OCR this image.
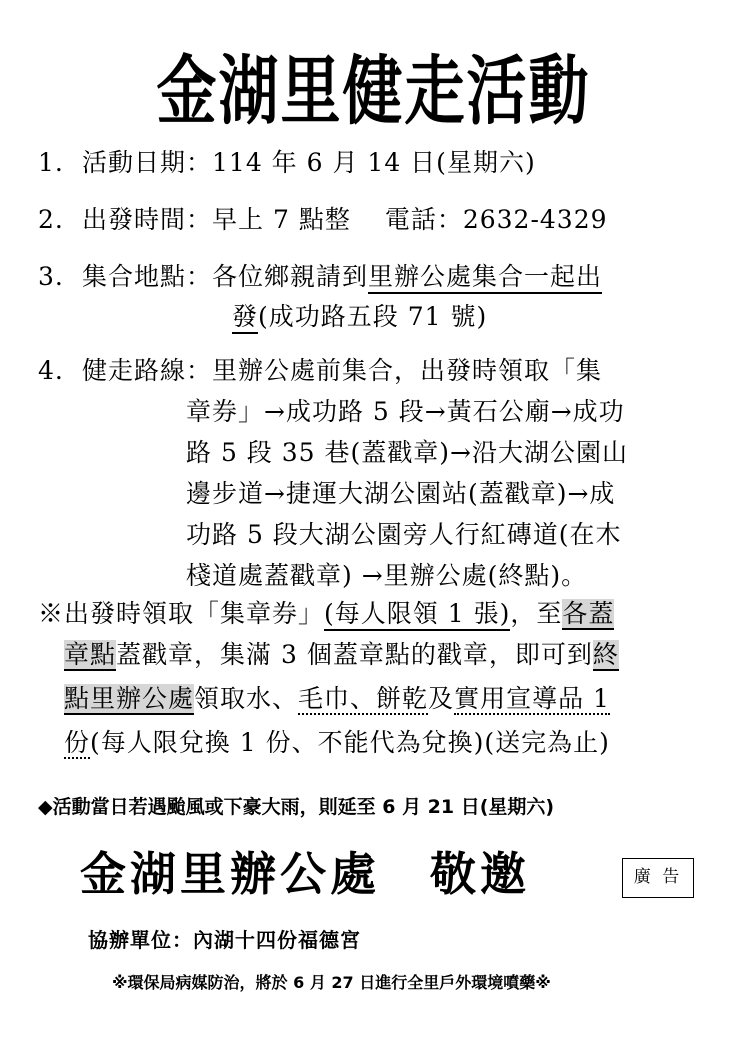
金湖里健走活動
1. 活動日期：114 年 6 月 14 日(星期六)
2. 出發時間：早上 7 點整 電話：2632-4329
3. 集合地點：各位鄉親請到里辦公處集合一起出
發(成功路五段 71 號)
4. 健走路線：里辦公處前集合，出發時領取「集
章券」→成功路 5 段→黃石公廟→成功
路 5 段 35 巷(蓋戳章)→沿大湖公園山
邊步道→捷運大湖公園站(蓋戳章)→成
功路 5 段大湖公園旁人行紅磚道(在木
棧道處蓋戳章) →里辦公處(終點)。
※出發時領取「集章券」(每人限領 1 張)，至各蓋
章點蓋戳章，集滿 3 個蓋章點的戳章，即可到終
點里辦公處領取水、毛巾、餅乾及實用宣導品 1
份(每人限兌換 1 份、不能代為兌換)(送完為止)
◆活動當日若遇颱風或下豪大雨，則延至 6 月 21 日(星期六)
金湖里辦公處　敬邀	廣 告
協辦單位：內湖十四份福德宮
※環保局病媒防治，將於 6 月 27 日進行全里戶外環境噴藥※
